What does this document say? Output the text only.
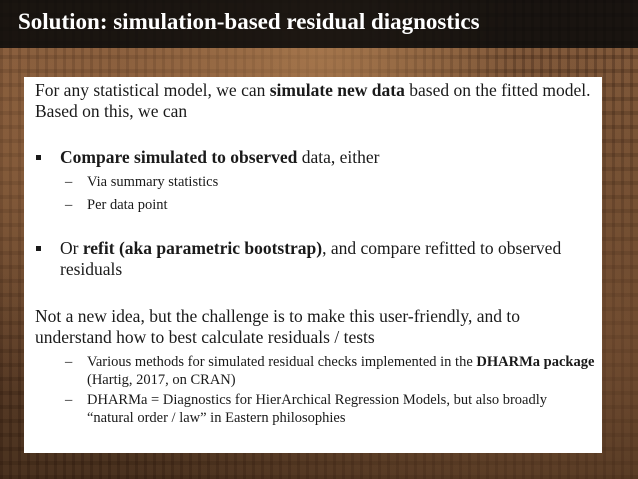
Solution: simulation-based residual diagnostics

For any statistical model, we can simulate new data based on the fitted model. Based on this, we can

Compare simulated to observed data, either

– Via summary statistics

– Per data point

Or refit (aka parametric bootstrap), and compare refitted to observed residuals

Not a new idea, but the challenge is to make this user-friendly, and to understand how to best calculate residuals / tests

– Various methods for simulated residual checks implemented in the DHARMa package (Hartig, 2017, on CRAN)

– DHARMa = Diagnostics for HierArchical Regression Models, but also broadly “natural order / law” in Eastern philosophies
